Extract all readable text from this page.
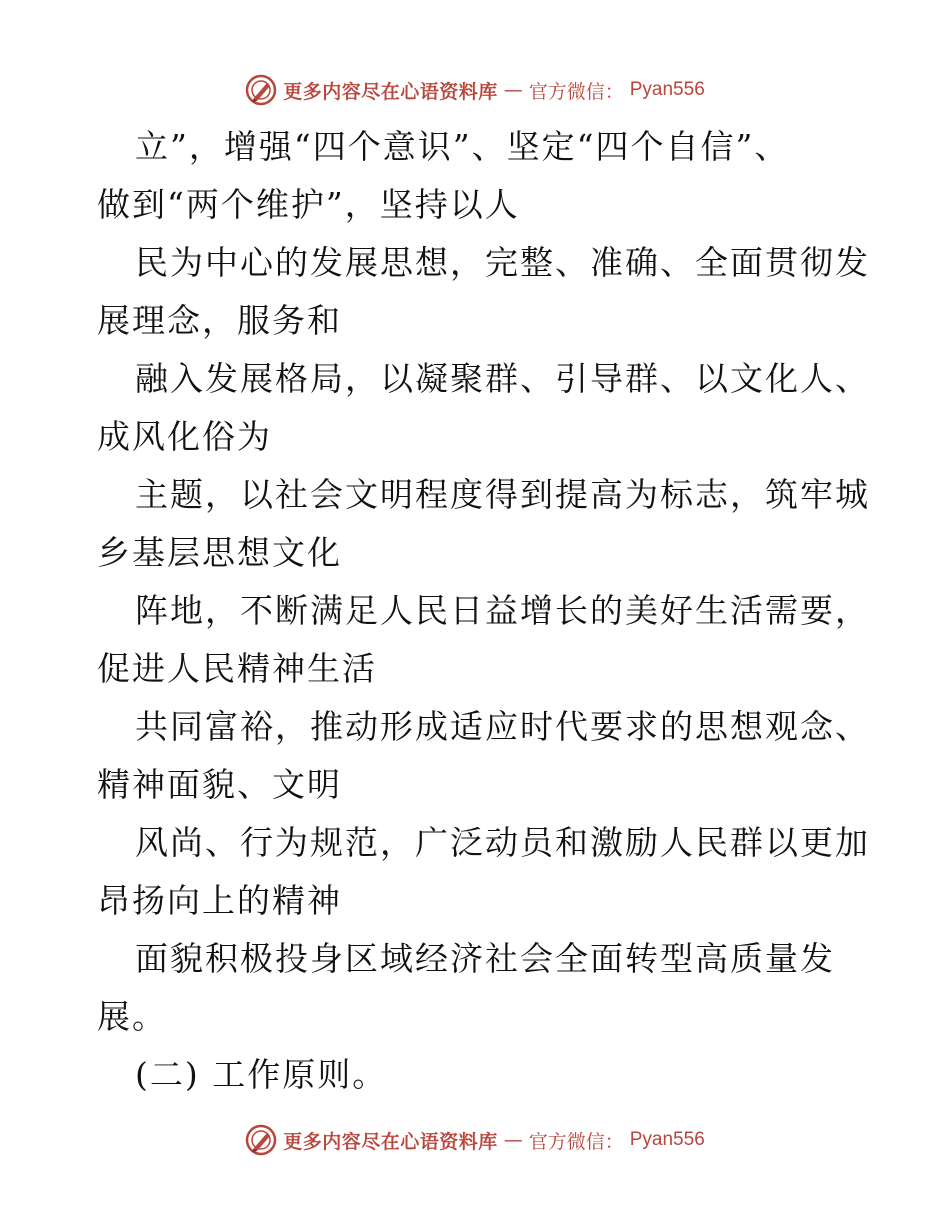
更多内容尽在心语资料库 — 官方微信： Pyan556
立”，增强“四个意识”、坚定“四个自信”、
做到“两个维护”，坚持以人
民为中心的发展思想，完整、准确、全面贯彻发
展理念，服务和
融入发展格局，以凝聚群、引导群、以文化人、
成风化俗为
主题，以社会文明程度得到提高为标志，筑牢城
乡基层思想文化
阵地，不断满足人民日益增长的美好生活需要，
促进人民精神生活
共同富裕，推动形成适应时代要求的思想观念、
精神面貌、文明
风尚、行为规范，广泛动员和激励人民群以更加
昂扬向上的精神
面貌积极投身区域经济社会全面转型高质量发
展。
(二) 工作原则。
更多内容尽在心语资料库 — 官方微信： Pyan556
